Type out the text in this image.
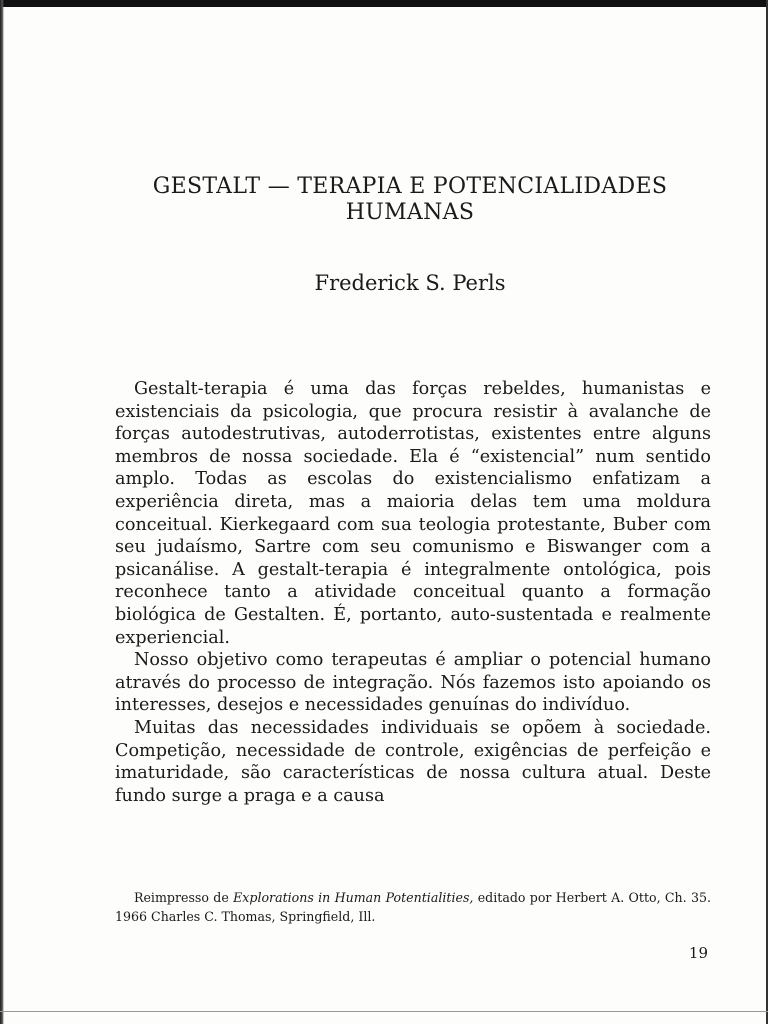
GESTALT — TERAPIA E POTENCIALIDADES
HUMANAS
Frederick S. Perls

Gestalt-terapia é uma das forças rebeldes, humanistas e existenciais da psicologia, que procura resistir à avalanche de forças autodestrutivas, autoderrotistas, existentes entre alguns membros de nossa sociedade. Ela é “existencial” num sentido amplo. Todas as escolas do existencialismo enfatizam a experiência direta, mas a maioria delas tem uma moldura conceitual. Kierkegaard com sua teologia protestante, Buber com seu judaísmo, Sartre com seu comunismo e Biswanger com a psicanálise. A gestalt-terapia é integralmente ontológica, pois reconhece tanto a atividade conceitual quanto a formação biológica de Gestalten. É, portanto, auto-sustentada e realmente experiencial.

Nosso objetivo como terapeutas é ampliar o potencial humano através do processo de integração. Nós fazemos isto apoiando os interesses, desejos e necessidades genuínas do indivíduo.

Muitas das necessidades individuais se opõem à sociedade. Competição, necessidade de controle, exigências de perfeição e imaturidade, são características de nossa cultura atual. Deste fundo surge a praga e a causa

Reimpresso de Explorations in Human Potentialities, editado por Herbert A. Otto, Ch. 35. 1966 Charles C. Thomas, Springfield, Ill.
19
